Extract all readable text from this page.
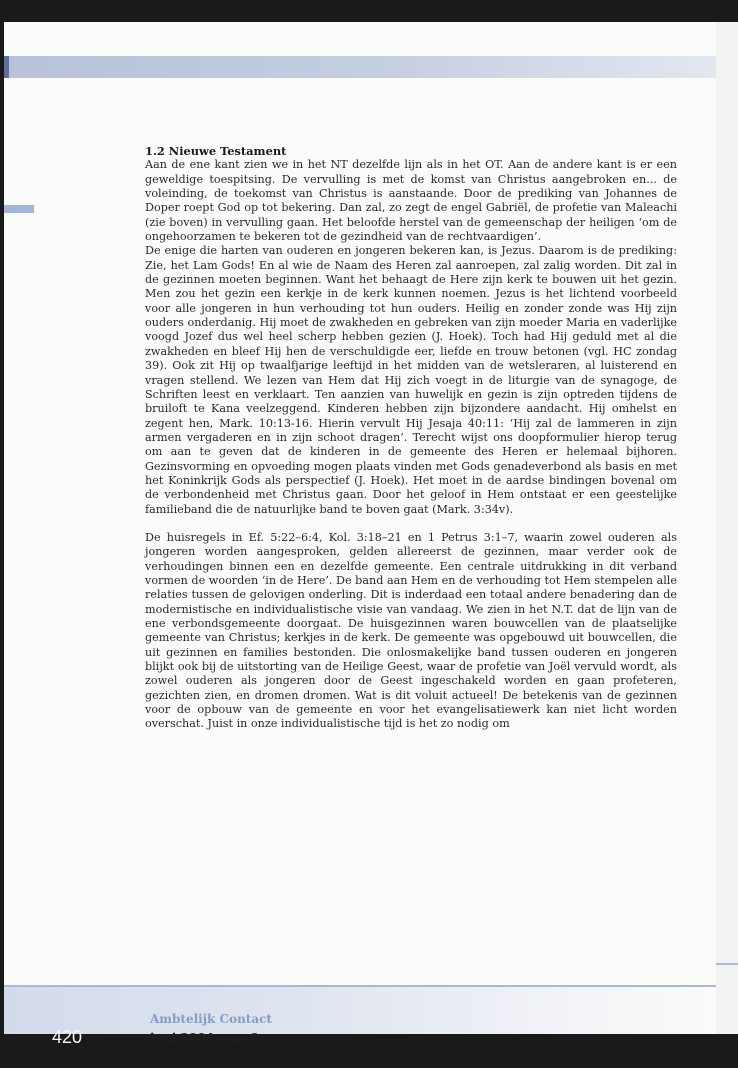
1.2 Nieuwe Testament

Aan de ene kant zien we in het NT dezelfde lijn als in het OT. Aan de andere kant is er een geweldige toespitsing. De vervulling is met de komst van Christus aangebroken en... de voleinding, de toekomst van Christus is aanstaande. Door de prediking van Johannes de Doper roept God op tot bekering. Dan zal, zo zegt de engel Gabriël, de profetie van Maleachi (zie boven) in vervulling gaan. Het beloofde herstel van de gemeenschap der heiligen ‘om de ongehoorzamen te bekeren tot de gezindheid van de rechtvaardigen’.

De enige die harten van ouderen en jongeren bekeren kan, is Jezus. Daarom is de prediking: Zie, het Lam Gods! En al wie de Naam des Heren zal aanroepen, zal zalig worden. Dit zal in de gezinnen moeten beginnen. Want het behaagt de Here zijn kerk te bouwen uit het gezin. Men zou het gezin een kerkje in de kerk kunnen noemen. Jezus is het lichtend voorbeeld voor alle jongeren in hun verhouding tot hun ouders. Heilig en zonder zonde was Hij zijn ouders onderdanig. Hij moet de zwakheden en gebreken van zijn moeder Maria en vaderlijke voogd Jozef dus wel heel scherp hebben gezien (J. Hoek). Toch had Hij geduld met al die zwakheden en bleef Hij hen de verschuldigde eer, liefde en trouw betonen (vgl. HC zondag 39). Ook zit Hij op twaalfjarige leeftijd in het midden van de wetsleraren, al luisterend en vragen stellend. We lezen van Hem dat Hij zich voegt in de liturgie van de synagoge, de Schriften leest en verklaart. Ten aanzien van huwelijk en gezin is zijn optreden tijdens de bruiloft te Kana veelzeggend. Kinderen hebben zijn bijzondere aandacht. Hij omhelst en zegent hen, Mark. 10:13-16. Hierin vervult Hij Jesaja 40:11: ‘Hij zal de lammeren in zijn armen vergaderen en in zijn schoot dragen’. Terecht wijst ons doopformulier hierop terug om aan te geven dat de kinderen in de gemeente des Heren er helemaal bijhoren. Gezinsvorming en opvoeding mogen plaats vinden met Gods genadeverbond als basis en met het Koninkrijk Gods als perspectief (J. Hoek). Het moet in de aardse bindingen bovenal om de verbondenheid met Christus gaan. Door het geloof in Hem ontstaat er een geestelijke familieband die de natuurlijke band te boven gaat (Mark. 3:34v).

De huisregels in Ef. 5:22–6:4, Kol. 3:18–21 en 1 Petrus 3:1–7, waarin zowel ouderen als jongeren worden aangesproken, gelden allereerst de gezinnen, maar verder ook de verhoudingen binnen een en dezelfde gemeente. Een centrale uitdrukking in dit verband vormen de woorden ‘in de Here’. De band aan Hem en de verhouding tot Hem stempelen alle relaties tussen de gelovigen onderling. Dit is inderdaad een totaal andere benadering dan de modernistische en individualistische visie van vandaag. We zien in het N.T. dat de lijn van de ene verbondsgemeente doorgaat. De huisgezinnen waren bouwcellen van de plaatselijke gemeente van Christus; kerkjes in de kerk. De gemeente was opgebouwd uit bouwcellen, die uit gezinnen en families bestonden. Die onlosmakelijke band tussen ouderen en jongeren blijkt ook bij de uitstorting van de Heilige Geest, waar de profetie van Joël vervuld wordt, als zowel ouderen als jongeren door de Geest ingeschakeld worden en gaan profeteren, gezichten zien, en dromen dromen. Wat is dit voluit actueel! De betekenis van de gezinnen voor de opbouw van de gemeente en voor het evangelisatiewerk kan niet licht worden overschat. Juist in onze individualistische tijd is het zo nodig om

420
Ambtelijk Contact
juni 2004 - nr. 6
